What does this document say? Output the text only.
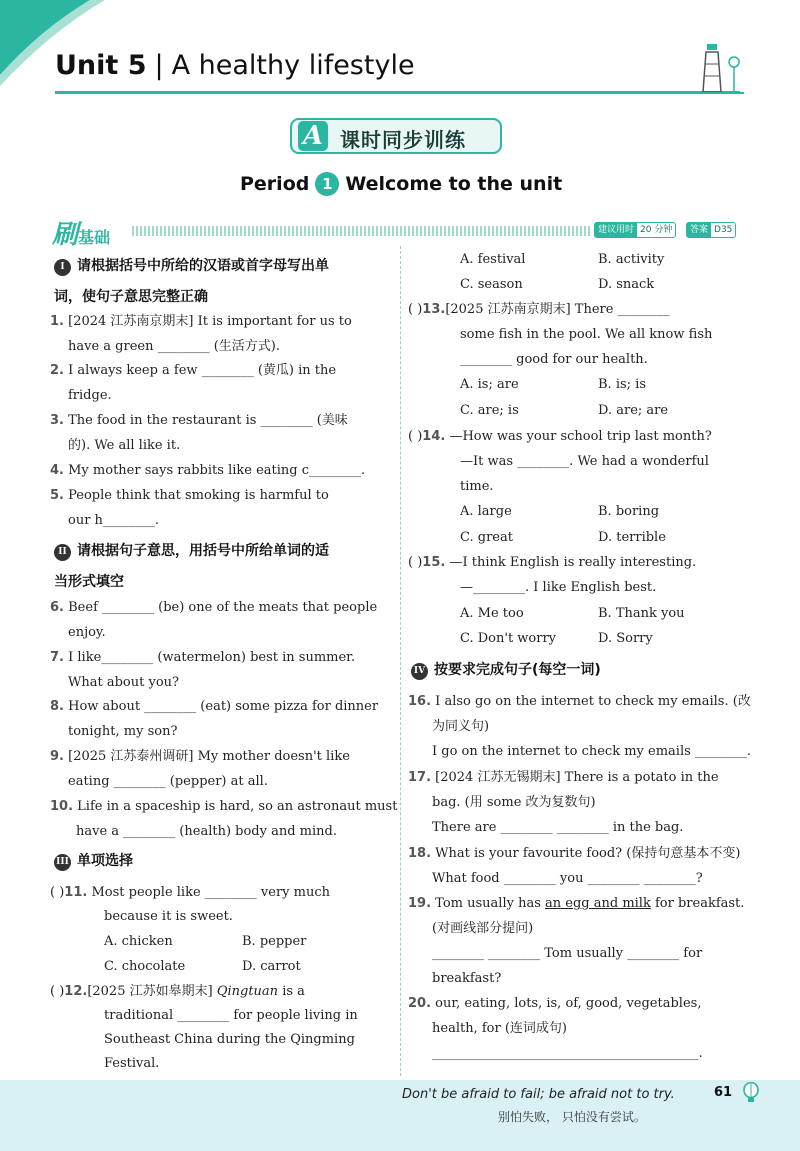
Unit 5 | A healthy lifestyle
A 课时同步训练
Period 1 Welcome to the unit
刷基础	建议用时 20 分钟	答案 D35
I 请根据括号中所给的汉语或首字母写出单
词，使句子意思完整正确
1. [2024 江苏南京期末] It is important for us to
have a green ________ (生活方式).
2. I always keep a few ________ (黄瓜) in the
fridge.
3. The food in the restaurant is ________ (美味
的). We all like it.
4. My mother says rabbits like eating c________.
5. People think that smoking is harmful to
our h________.
II 请根据句子意思，用括号中所给单词的适
当形式填空
6. Beef ________ (be) one of the meats that people
enjoy.
7. I like________ (watermelon) best in summer.
What about you?
8. How about ________ (eat) some pizza for dinner
tonight, my son?
9. [2025 江苏泰州调研] My mother doesn't like
eating ________ (pepper) at all.
10. Life in a spaceship is hard, so an astronaut must
have a ________ (health) body and mind.
III 单项选择
( )11. Most people like ________ very much
because it is sweet.
A. chicken	B. pepper
C. chocolate	D. carrot
( )12.[2025 江苏如皋期末] Qingtuan is a
traditional ________ for people living in
Southeast China during the Qingming
Festival.
A. festival	B. activity
C. season	D. snack
( )13.[2025 江苏南京期末] There ________
some fish in the pool. We all know fish
________ good for our health.
A. is; are	B. is; is
C. are; is	D. are; are
( )14. —How was your school trip last month?
—It was ________. We had a wonderful
time.
A. large	B. boring
C. great	D. terrible
( )15. —I think English is really interesting.
—________. I like English best.
A. Me too	B. Thank you
C. Don't worry	D. Sorry
IV 按要求完成句子(每空一词)
16. I also go on the internet to check my emails. (改
为同义句)
I go on the internet to check my emails ________.
17. [2024 江苏无锡期末] There is a potato in the
bag. (用 some 改为复数句)
There are ________ ________ in the bag.
18. What is your favourite food? (保持句意基本不变)
What food ________ you ________ ________?
19. Tom usually has an egg and milk for breakfast.
(对画线部分提问)
________ ________ Tom usually ________ for
breakfast?
20. our, eating, lots, is, of, good, vegetables,
health, for (连词成句)
_________________________________________.
Don't be afraid to fail; be afraid not to try.
别怕失败， 只怕没有尝试。
61
